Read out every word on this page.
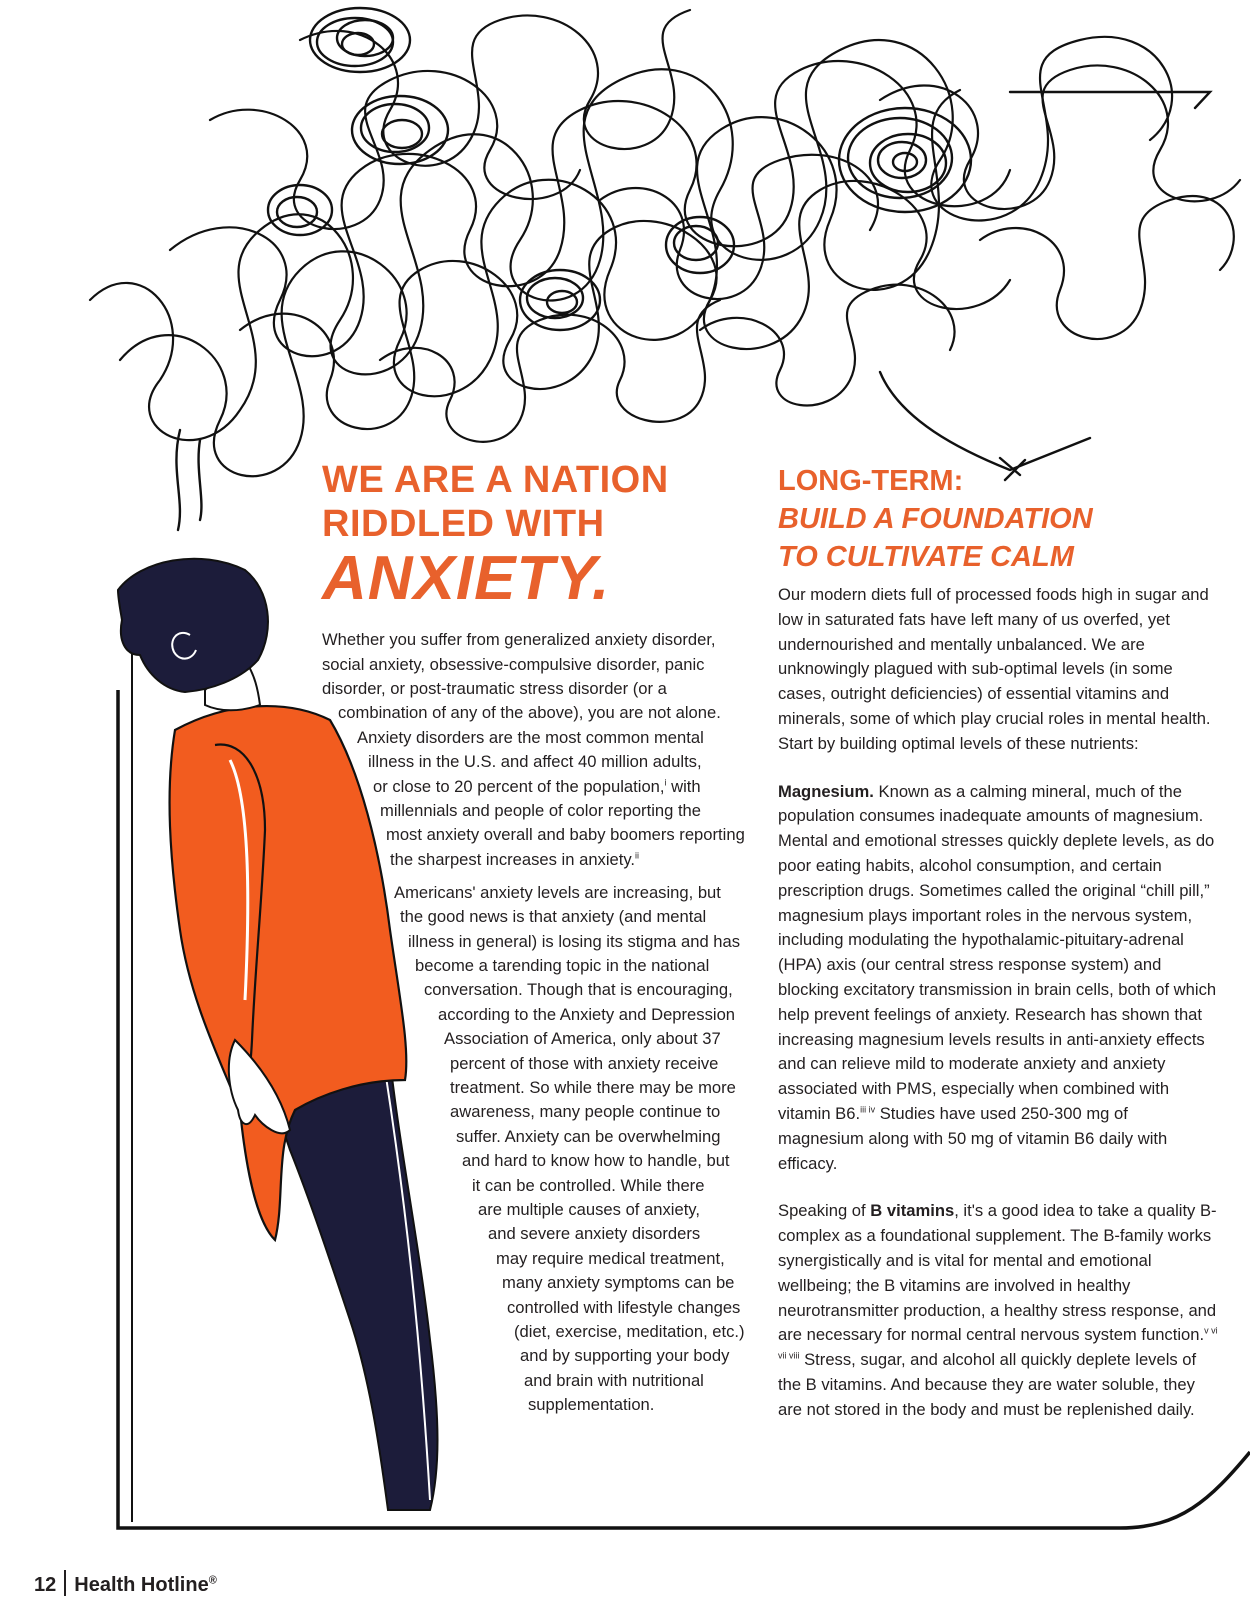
WE ARE A NATION
RIDDLED WITH
ANXIETY.
LONG-TERM:
BUILD A FOUNDATION
TO CULTIVATE CALM
Whether you suffer from generalized anxiety disorder,
social anxiety, obsessive-compulsive disorder, panic
disorder, or post-traumatic stress disorder (or a
combination of any of the above), you are not alone.
Anxiety disorders are the most common mental
illness in the U.S. and affect 40 million adults,
or close to 20 percent of the population,$^i$ with
millennials and people of color reporting the
most anxiety overall and baby boomers reporting
the sharpest increases in anxiety.$^{ii}$
Americans' anxiety levels are increasing, but
the good news is that anxiety (and mental
illness in general) is losing its stigma and has
become a tarending topic in the national
conversation. Though that is encouraging,
according to the Anxiety and Depression
Association of America, only about 37
percent of those with anxiety receive
treatment. So while there may be more
awareness, many people continue to
suffer. Anxiety can be overwhelming
and hard to know how to handle, but
it can be controlled. While there
are multiple causes of anxiety,
and severe anxiety disorders
may require medical treatment,
many anxiety symptoms can be
controlled with lifestyle changes
(diet, exercise, meditation, etc.)
and by supporting your body
and brain with nutritional
supplementation.

Our modern diets full of processed foods high in sugar and low in saturated fats have left many of us overfed, yet undernourished and mentally unbalanced. We are unknowingly plagued with sub-optimal levels (in some cases, outright deficiencies) of essential vitamins and minerals, some of which play crucial roles in mental health. Start by building optimal levels of these nutrients:

Magnesium. Known as a calming mineral, much of the population consumes inadequate amounts of magnesium. Mental and emotional stresses quickly deplete levels, as do poor eating habits, alcohol consumption, and certain prescription drugs. Sometimes called the original “chill pill,” magnesium plays important roles in the nervous system, including modulating the hypothalamic-pituitary-adrenal (HPA) axis (our central stress response system) and blocking excitatory transmission in brain cells, both of which help prevent feelings of anxiety. Research has shown that increasing magnesium levels results in anti-anxiety effects and can relieve mild to moderate anxiety and anxiety associated with PMS, especially when combined with vitamin B6.$^{iii iv}$ Studies have used 250-300 mg of magnesium along with 50 mg of vitamin B6 daily with efficacy.

Speaking of B vitamins, it's a good idea to take a quality B-complex as a foundational supplement. The B-family works synergistically and is vital for mental and emotional wellbeing; the B vitamins are involved in healthy neurotransmitter production, a healthy stress response, and are necessary for normal central nervous system function.$^{v vi vii viii}$ Stress, sugar, and alcohol all quickly deplete levels of the B vitamins. And because they are water soluble, they are not stored in the body and must be replenished daily.

12 Health Hotline®
